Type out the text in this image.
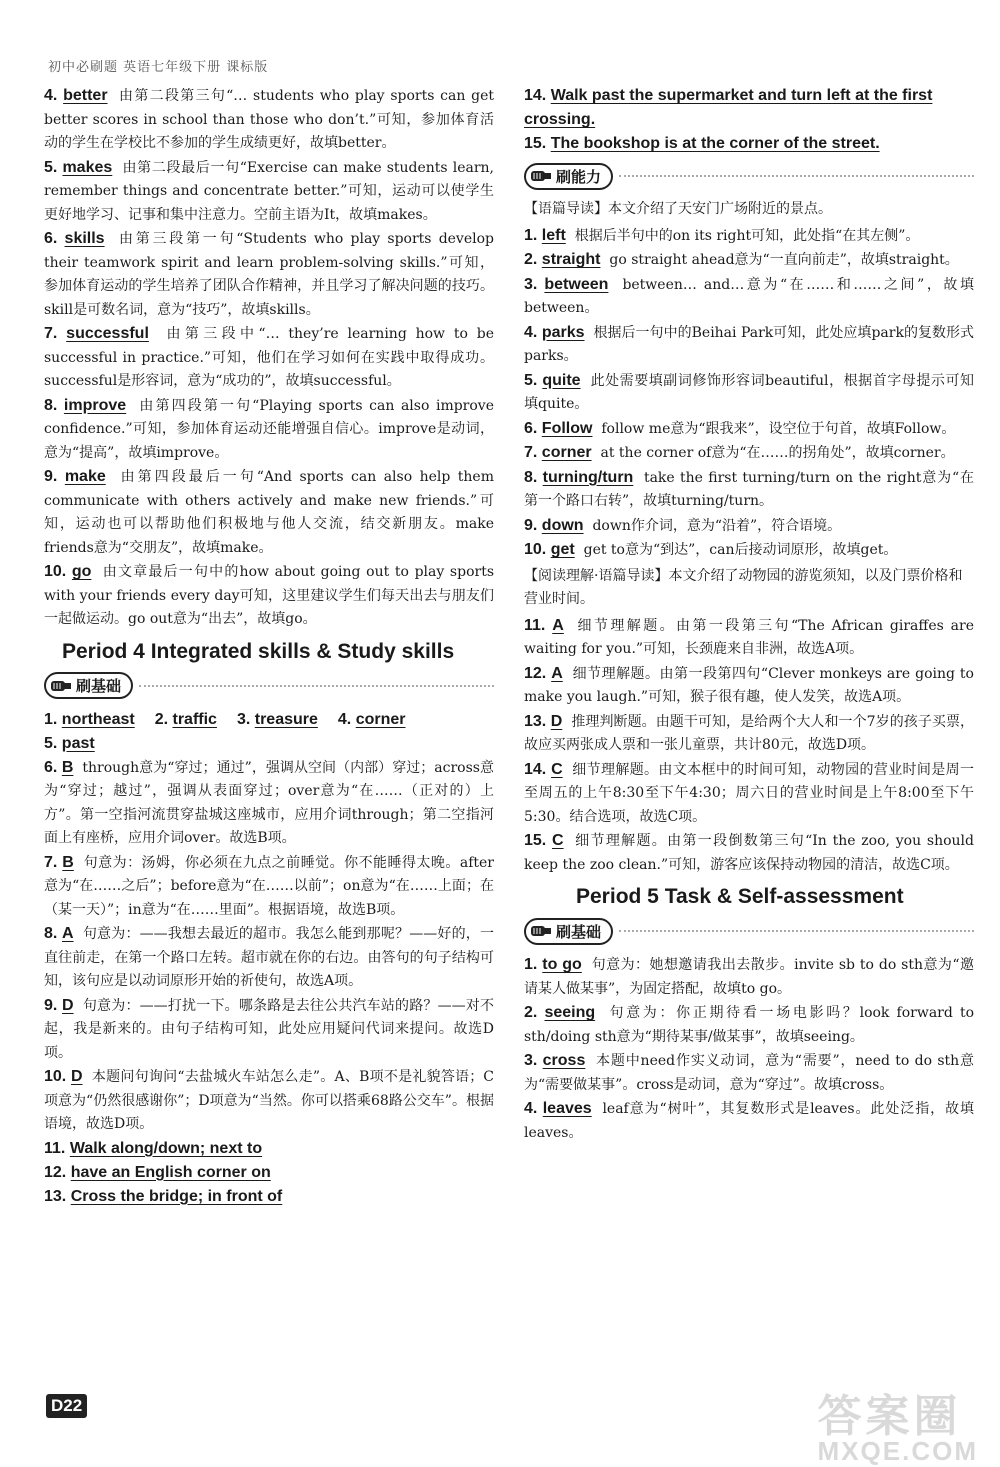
初中必刷题 英语七年级下册 课标版

4. better 由第二段第三句“… students who play sports can get better scores in school than those who don’t.”可知，参加体育活动的学生在学校比不参加的学生成绩更好，故填better。

5. makes 由第二段最后一句“Exercise can make students learn, remember things and concentrate better.”可知，运动可以使学生更好地学习、记事和集中注意力。空前主语为It，故填makes。

6. skills 由第三段第一句“Students who play sports develop their teamwork spirit and learn problem-solving skills.”可知，参加体育运动的学生培养了团队合作精神，并且学习了解决问题的技巧。skill是可数名词，意为“技巧”，故填skills。

7. successful 由第三段中“… they’re learning how to be successful in practice.”可知，他们在学习如何在实践中取得成功。successful是形容词，意为“成功的”，故填successful。

8. improve 由第四段第一句“Playing sports can also improve confidence.”可知，参加体育运动还能增强自信心。improve是动词，意为“提高”，故填improve。

9. make 由第四段最后一句“And sports can also help them communicate with others actively and make new friends.”可知，运动也可以帮助他们积极地与他人交流，结交新朋友。make friends意为“交朋友”，故填make。

10. go 由文章最后一句中的how about going out to play sports with your friends every day可知，这里建议学生们每天出去与朋友们一起做运动。go out意为“出去”，故填go。

Period 4 Integrated skills & Study skills
刷基础
1. northeast 2. traffic 3. treasure 4. corner
5. past

6. B through意为“穿过；通过”，强调从空间（内部）穿过；across意为“穿过；越过”，强调从表面穿过；over意为“在……（正对的）上方”。第一空指河流贯穿盐城这座城市，应用介词through；第二空指河面上有座桥，应用介词over。故选B项。

7. B 句意为：汤姆，你必须在九点之前睡觉。你不能睡得太晚。after意为“在……之后”；before意为“在……以前”；on意为“在……上面；在（某一天）”；in意为“在……里面”。根据语境，故选B项。

8. A 句意为：——我想去最近的超市。我怎么能到那呢？——好的，一直往前走，在第一个路口左转。超市就在你的右边。由答句的句子结构可知，该句应是以动词原形开始的祈使句，故选A项。

9. D 句意为：——打扰一下。哪条路是去往公共汽车站的路？——对不起，我是新来的。由句子结构可知，此处应用疑问代词来提问。故选D项。

10. D 本题问句询问“去盐城火车站怎么走”。A、B项不是礼貌答语；C项意为“仍然很感谢你”；D项意为“当然。你可以搭乘68路公交车”。根据语境，故选D项。

11. Walk along/down; next to
12. have an English corner on
13. Cross the bridge; in front of
14. Walk past the supermarket and turn left at the first crossing.
15. The bookshop is at the corner of the street.
刷能力
【语篇导读】本文介绍了天安门广场附近的景点。

1. left 根据后半句中的on its right可知，此处指“在其左侧”。

2. straight go straight ahead意为“一直向前走”，故填straight。

3. between between… and…意为“在……和……之间”，故填between。

4. parks 根据后一句中的Beihai Park可知，此处应填park的复数形式parks。

5. quite 此处需要填副词修饰形容词beautiful，根据首字母提示可知填quite。

6. Follow follow me意为“跟我来”，设空位于句首，故填Follow。

7. corner at the corner of意为“在……的拐角处”，故填corner。

8. turning/turn take the first turning/turn on the right意为“在第一个路口右转”，故填turning/turn。

9. down down作介词，意为“沿着”，符合语境。

10. get get to意为“到达”，can后接动词原形，故填get。

【阅读理解·语篇导读】本文介绍了动物园的游览须知，以及门票价格和营业时间。

11. A 细节理解题。由第一段第三句“The African giraffes are waiting for you.”可知，长颈鹿来自非洲，故选A项。

12. A 细节理解题。由第一段第四句“Clever monkeys are going to make you laugh.”可知，猴子很有趣，使人发笑，故选A项。

13. D 推理判断题。由题干可知，是给两个大人和一个7岁的孩子买票，故应买两张成人票和一张儿童票，共计80元，故选D项。

14. C 细节理解题。由文本框中的时间可知，动物园的营业时间是周一至周五的上午8:30至下午4:30；周六日的营业时间是上午8:00至下午5:30。结合选项，故选C项。

15. C 细节理解题。由第一段倒数第三句“In the zoo, you should keep the zoo clean.”可知，游客应该保持动物园的清洁，故选C项。

Period 5 Task & Self-assessment
刷基础

1. to go 句意为：她想邀请我出去散步。invite sb to do sth意为“邀请某人做某事”，为固定搭配，故填to go。

2. seeing 句意为：你正期待看一场电影吗？look forward to sth/doing sth意为“期待某事/做某事”，故填seeing。

3. cross 本题中need作实义动词，意为“需要”，need to do sth意为“需要做某事”。cross是动词，意为“穿过”。故填cross。

4. leaves leaf意为“树叶”，其复数形式是leaves。此处泛指，故填leaves。

D22	答案圈
MXQE.COM
